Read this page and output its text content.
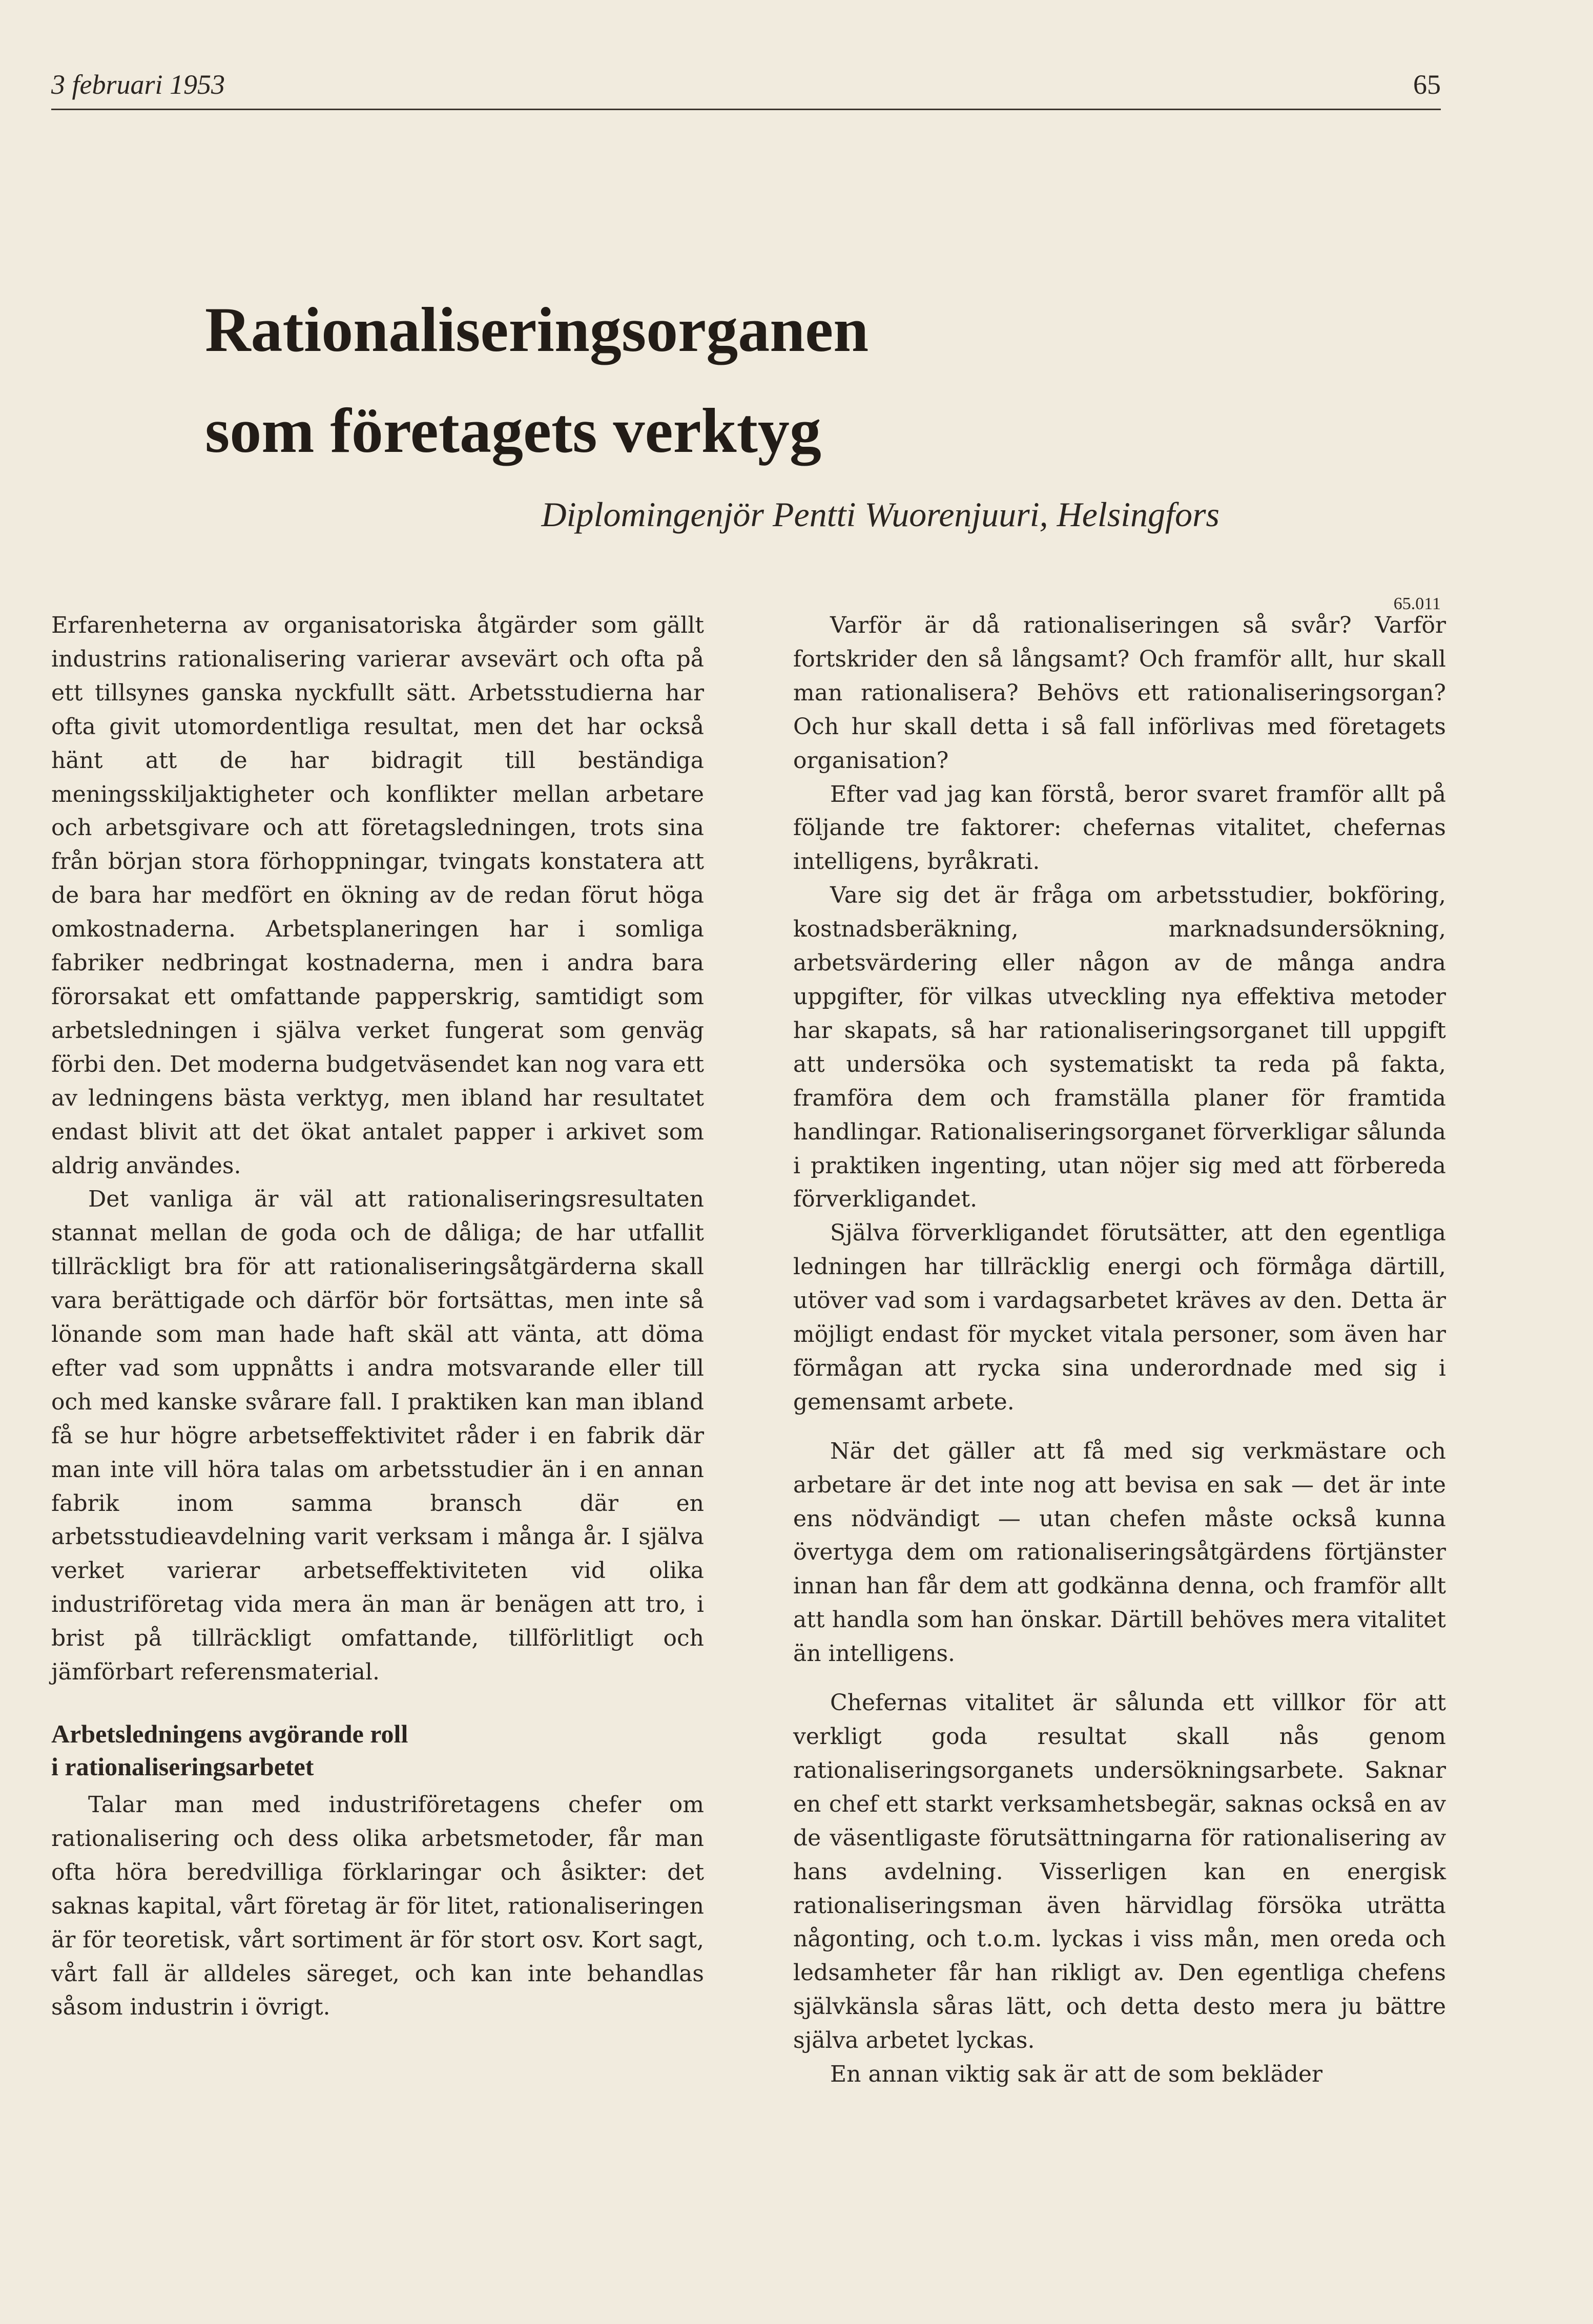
3 februari 1953	65
Rationaliseringsorganen
som företagets verktyg
Diplomingenjör Pentti Wuorenjuuri, Helsingfors
65.011

Erfarenheterna av organisatoriska åtgärder som gällt industrins rationalisering varierar avsevärt och ofta på ett tillsynes ganska nyckfullt sätt. Arbetsstudierna har ofta givit utomordentliga resultat, men det har också hänt att de har bidragit till beständiga meningsskiljaktigheter och konflikter mellan arbetare och arbetsgivare och att företagsledningen, trots sina från början stora förhoppningar, tvingats konstatera att de bara har medfört en ökning av de redan förut höga omkostnaderna. Arbetsplaneringen har i somliga fabriker nedbringat kostnaderna, men i andra bara förorsakat ett omfattande papperskrig, samtidigt som arbetsledningen i själva verket fungerat som genväg förbi den. Det moderna budgetväsendet kan nog vara ett av ledningens bästa verktyg, men ibland har resultatet endast blivit att det ökat antalet papper i arkivet som aldrig användes.

Det vanliga är väl att rationaliseringsresultaten stannat mellan de goda och de dåliga; de har utfallit tillräckligt bra för att rationaliseringsåtgärderna skall vara berättigade och därför bör fortsättas, men inte så lönande som man hade haft skäl att vänta, att döma efter vad som uppnåtts i andra motsvarande eller till och med kanske svårare fall. I praktiken kan man ibland få se hur högre arbetseffektivitet råder i en fabrik där man inte vill höra talas om arbetsstudier än i en annan fabrik inom samma bransch där en arbetsstudieavdelning varit verksam i många år. I själva verket varierar arbetseffektiviteten vid olika industriföretag vida mera än man är benägen att tro, i brist på tillräckligt omfattande, tillförlitligt och jämförbart referensmaterial.

Arbetsledningens avgörande roll
i rationaliseringsarbetet

Talar man med industriföretagens chefer om rationalisering och dess olika arbetsmetoder, får man ofta höra beredvilliga förklaringar och åsikter: det saknas kapital, vårt företag är för litet, rationaliseringen är för teoretisk, vårt sortiment är för stort osv. Kort sagt, vårt fall är alldeles säreget, och kan inte behandlas såsom industrin i övrigt.

Varför är då rationaliseringen så svår? Varför fortskrider den så långsamt? Och framför allt, hur skall man rationalisera? Behövs ett rationaliseringsorgan? Och hur skall detta i så fall införlivas med företagets organisation?

Efter vad jag kan förstå, beror svaret framför allt på följande tre faktorer: chefernas vitalitet, chefernas intelligens, byråkrati.

Vare sig det är fråga om arbetsstudier, bokföring, kostnadsberäkning, marknadsundersökning, arbetsvärdering eller någon av de många andra uppgifter, för vilkas utveckling nya effektiva metoder har skapats, så har rationaliseringsorganet till uppgift att undersöka och systematiskt ta reda på fakta, framföra dem och framställa planer för framtida handlingar. Rationaliseringsorganet förverkligar sålunda i praktiken ingenting, utan nöjer sig med att förbereda förverkligandet.

Själva förverkligandet förutsätter, att den egentliga ledningen har tillräcklig energi och förmåga därtill, utöver vad som i vardagsarbetet kräves av den. Detta är möjligt endast för mycket vitala personer, som även har förmågan att rycka sina underordnade med sig i gemensamt arbete.

När det gäller att få med sig verkmästare och arbetare är det inte nog att bevisa en sak — det är inte ens nödvändigt — utan chefen måste också kunna övertyga dem om rationaliseringsåtgärdens förtjänster innan han får dem att godkänna denna, och framför allt att handla som han önskar. Därtill behöves mera vitalitet än intelligens.

Chefernas vitalitet är sålunda ett villkor för att verkligt goda resultat skall nås genom rationaliseringsorganets undersökningsarbete. Saknar en chef ett starkt verksamhetsbegär, saknas också en av de väsentligaste förutsättningarna för rationalisering av hans avdelning. Visserligen kan en energisk rationaliseringsman även härvidlag försöka uträtta någonting, och t.o.m. lyckas i viss mån, men oreda och ledsamheter får han rikligt av. Den egentliga chefens självkänsla såras lätt, och detta desto mera ju bättre själva arbetet lyckas.

En annan viktig sak är att de som bekläder
